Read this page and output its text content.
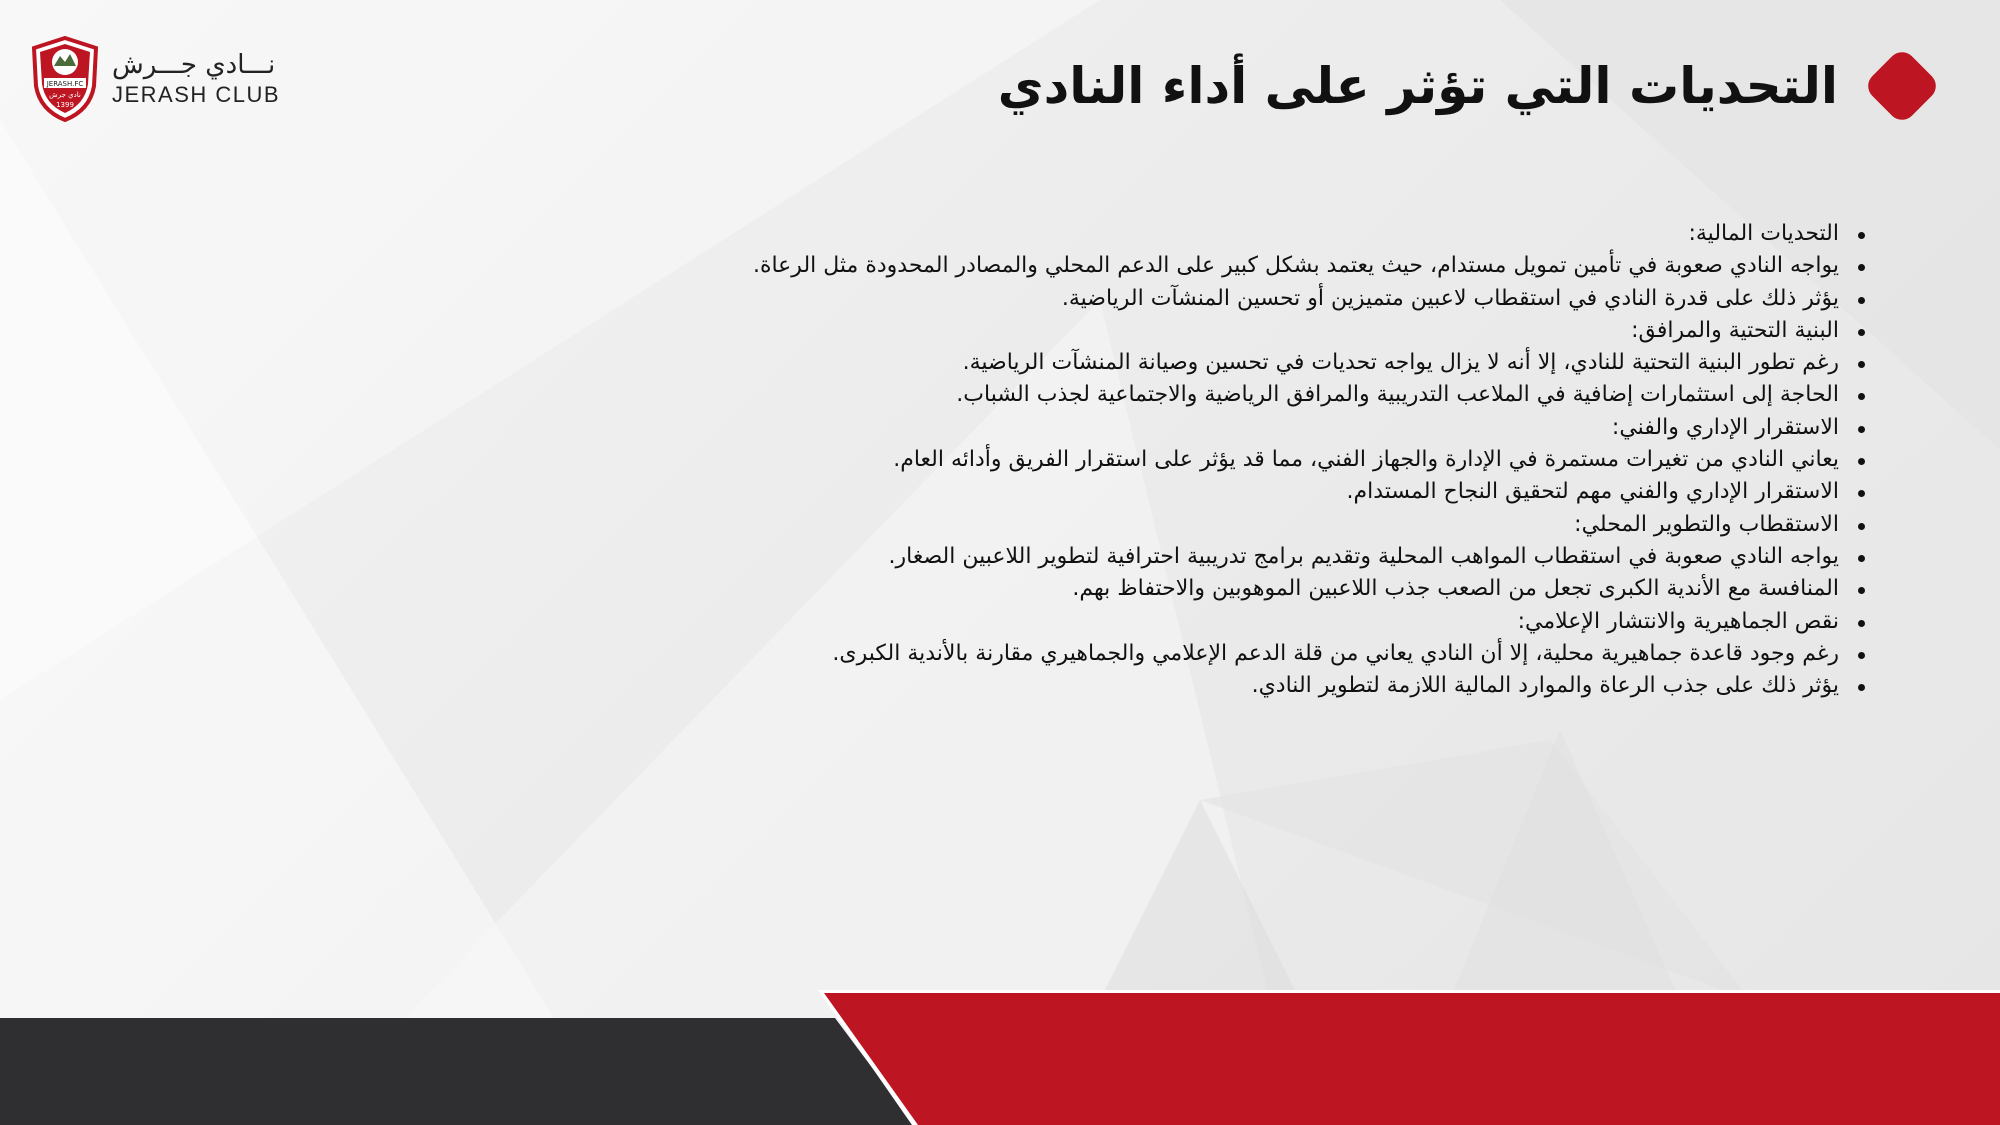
JERASH.FC
نادي جرش
1399
نـــادي جـــرش
JERASH CLUB	التحديات التي تؤثر على أداء النادي
التحديات المالية:
يواجه النادي صعوبة في تأمين تمويل مستدام، حيث يعتمد بشكل كبير على الدعم المحلي والمصادر المحدودة مثل الرعاة.
يؤثر ذلك على قدرة النادي في استقطاب لاعبين متميزين أو تحسين المنشآت الرياضية.
البنية التحتية والمرافق:
رغم تطور البنية التحتية للنادي، إلا أنه لا يزال يواجه تحديات في تحسين وصيانة المنشآت الرياضية.
الحاجة إلى استثمارات إضافية في الملاعب التدريبية والمرافق الرياضية والاجتماعية لجذب الشباب.
الاستقرار الإداري والفني:
يعاني النادي من تغيرات مستمرة في الإدارة والجهاز الفني، مما قد يؤثر على استقرار الفريق وأدائه العام.
الاستقرار الإداري والفني مهم لتحقيق النجاح المستدام.
الاستقطاب والتطوير المحلي:
يواجه النادي صعوبة في استقطاب المواهب المحلية وتقديم برامج تدريبية احترافية لتطوير اللاعبين الصغار.
المنافسة مع الأندية الكبرى تجعل من الصعب جذب اللاعبين الموهوبين والاحتفاظ بهم.
نقص الجماهيرية والانتشار الإعلامي:
رغم وجود قاعدة جماهيرية محلية، إلا أن النادي يعاني من قلة الدعم الإعلامي والجماهيري مقارنة بالأندية الكبرى.
يؤثر ذلك على جذب الرعاة والموارد المالية اللازمة لتطوير النادي.
